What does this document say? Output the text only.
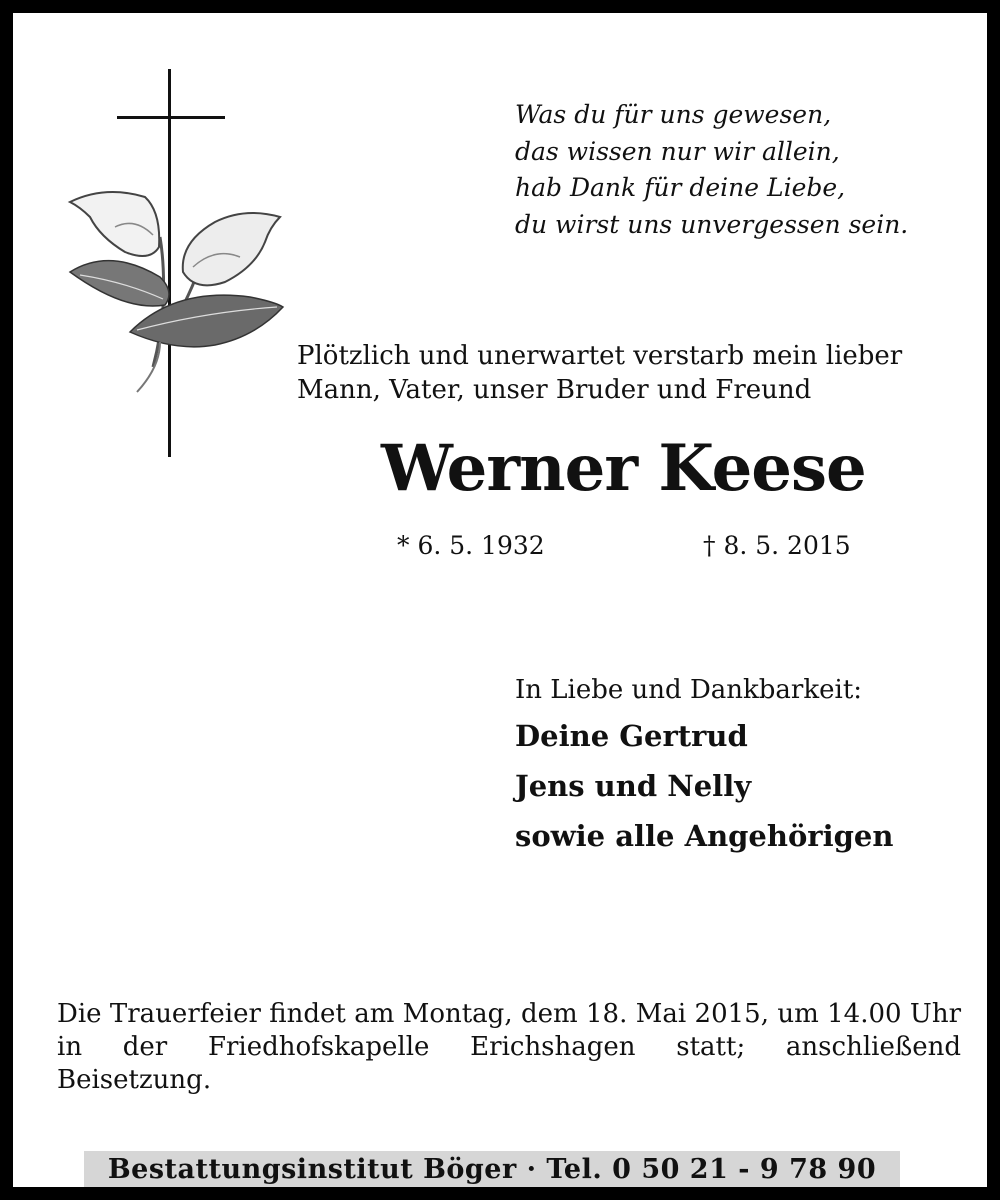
Was du für uns gewesen,
das wissen nur wir allein,
hab Dank für deine Liebe,
du wirst uns unvergessen sein.
Plötzlich und unerwartet verstarb mein lieber
Mann, Vater, unser Bruder und Freund
Werner Keese
* 6. 5. 1932	† 8. 5. 2015
In Liebe und Dankbarkeit:
Deine Gertrud
Jens und Nelly
sowie alle Angehörigen
Die Trauerfeier findet am Montag, dem 18. Mai 2015, um 14.00 Uhr in der Friedhofskapelle Erichshagen statt; anschließend Beisetzung.
Bestattungsinstitut Böger · Tel. 0 50 21 - 9 78 90
